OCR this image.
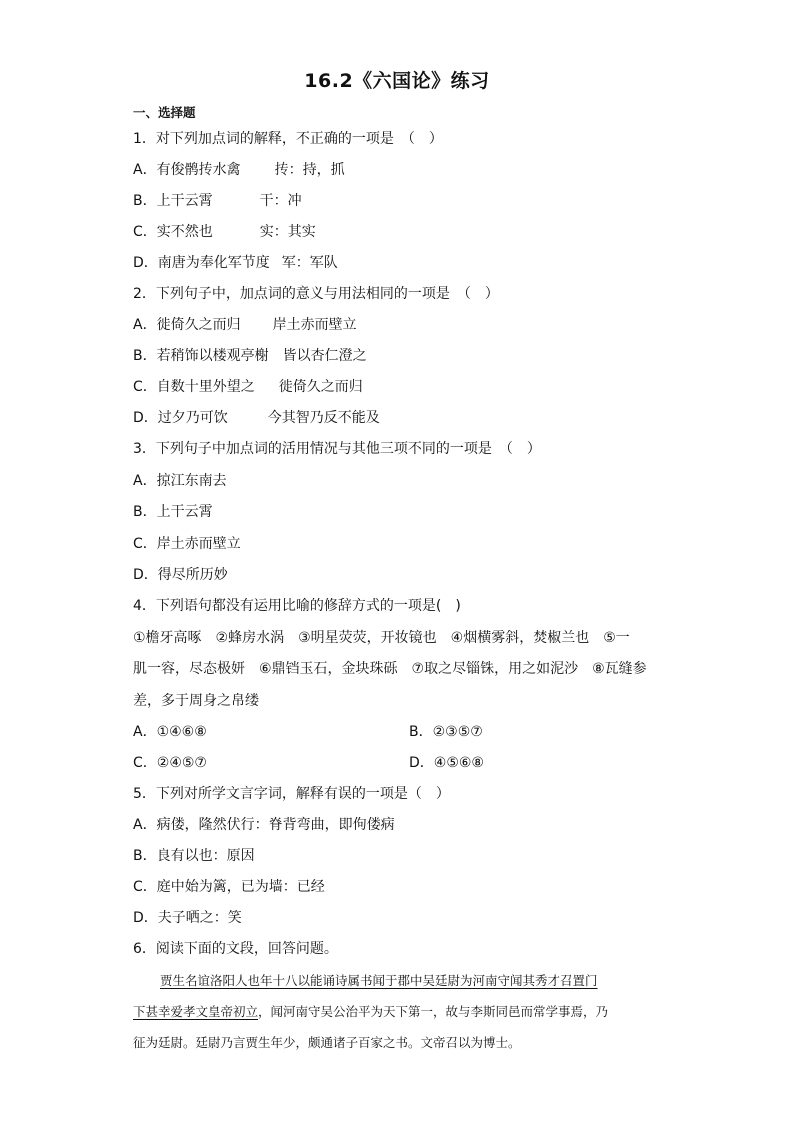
16.2《六国论》练习
一、选择题
1．对下列加点词的解释，不正确的一项是　（　）
A．有俊鹘抟水禽 抟：持，抓
B．上干云霄	干：冲
C．实不然也	实：其实
D．南唐为奉化军节度 军：军队
2．下列句子中，加点词的意义与用法相同的一项是　（　）
A．徙倚久之而归 岸土赤而壁立
B．若稍饰以楼观亭榭 皆以杏仁澄之
C．自数十里外望之 徙倚久之而归
D．过夕乃可饮	今其智乃反不能及
3．下列句子中加点词的活用情况与其他三项不同的一项是　（　）
A．掠江东南去
B．上干云霄
C．岸土赤而壁立
D．得尽所历妙
4．下列语句都没有运用比喻的修辞方式的一项是(　)
①檐牙高啄　②蜂房水涡　③明星荧荧，开妆镜也　④烟横雾斜，焚椒兰也　⑤一
肌一容，尽态极妍　⑥鼎铛玉石，金块珠砾　⑦取之尽锱铢，用之如泥沙　⑧瓦缝参
差，多于周身之帛缕
A．①④⑥⑧	B．②③⑤⑦
C．②④⑤⑦	D．④⑤⑥⑧
5．下列对所学文言字词，解释有误的一项是（　）
A．病偻，隆然伏行：脊背弯曲，即佝偻病
B．良有以也：原因
C．庭中始为篱，已为墙：已经
D．夫子哂之：笑
6．阅读下面的文段，回答问题。
贾生名谊洛阳人也年十八以能诵诗属书闻于郡中吴廷尉为河南守闻其秀才召置门
下甚幸爱孝文皇帝初立，闻河南守吴公治平为天下第一，故与李斯同邑而常学事焉，乃
征为廷尉。廷尉乃言贾生年少，颇通诸子百家之书。文帝召以为博士。
